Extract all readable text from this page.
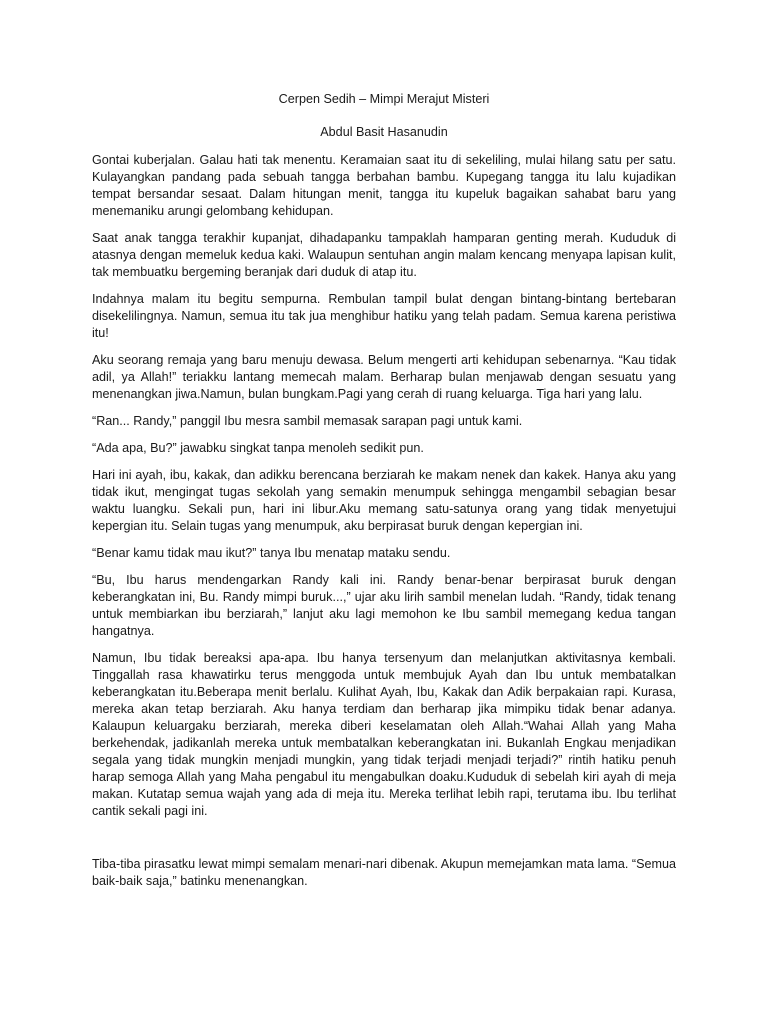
Cerpen Sedih – Mimpi Merajut Misteri

Abdul Basit Hasanudin

Gontai kuberjalan. Galau hati tak menentu. Keramaian saat itu di sekeliling, mulai hilang satu per satu. Kulayangkan pandang pada sebuah tangga berbahan bambu. Kupegang tangga itu lalu kujadikan tempat bersandar sesaat. Dalam hitungan menit, tangga itu kupeluk bagaikan sahabat baru yang menemaniku arungi gelombang kehidupan.

Saat anak tangga terakhir kupanjat, dihadapanku tampaklah hamparan genting merah. Kududuk di atasnya dengan memeluk kedua kaki. Walaupun sentuhan angin malam kencang menyapa lapisan kulit, tak membuatku bergeming beranjak dari duduk di atap itu.

Indahnya malam itu begitu sempurna. Rembulan tampil bulat dengan bintang-bintang bertebaran disekelilingnya. Namun, semua itu tak jua menghibur hatiku yang telah padam. Semua karena peristiwa itu!

Aku seorang remaja yang baru menuju dewasa. Belum mengerti arti kehidupan sebenarnya. “Kau tidak adil, ya Allah!” teriakku lantang memecah malam. Berharap bulan menjawab dengan sesuatu yang menenangkan jiwa.Namun, bulan bungkam.Pagi yang cerah di ruang keluarga. Tiga hari yang lalu.

“Ran... Randy,” panggil Ibu mesra sambil memasak sarapan pagi untuk kami.

“Ada apa, Bu?” jawabku singkat tanpa menoleh sedikit pun.

Hari ini ayah, ibu, kakak, dan adikku berencana berziarah ke makam nenek dan kakek. Hanya aku yang tidak ikut, mengingat tugas sekolah yang semakin menumpuk sehingga mengambil sebagian besar waktu luangku. Sekali pun, hari ini libur.Aku memang satu-satunya orang yang tidak menyetujui kepergian itu. Selain tugas yang menumpuk, aku berpirasat buruk dengan kepergian ini.

“Benar kamu tidak mau ikut?” tanya Ibu menatap mataku sendu.

“Bu, Ibu harus mendengarkan Randy kali ini. Randy benar-benar berpirasat buruk dengan keberangkatan ini, Bu. Randy mimpi buruk...,” ujar aku lirih sambil menelan ludah. “Randy, tidak tenang untuk membiarkan ibu berziarah,” lanjut aku lagi memohon ke Ibu sambil memegang kedua tangan hangatnya.

Namun, Ibu tidak bereaksi apa-apa. Ibu hanya tersenyum dan melanjutkan aktivitasnya kembali. Tinggallah rasa khawatirku terus menggoda untuk membujuk Ayah dan Ibu untuk membatalkan keberangkatan itu.Beberapa menit berlalu. Kulihat Ayah, Ibu, Kakak dan Adik berpakaian rapi. Kurasa, mereka akan tetap berziarah. Aku hanya terdiam dan berharap jika mimpiku tidak benar adanya. Kalaupun keluargaku berziarah, mereka diberi keselamatan oleh Allah.“Wahai Allah yang Maha berkehendak, jadikanlah mereka untuk membatalkan keberangkatan ini. Bukanlah Engkau menjadikan segala yang tidak mungkin menjadi mungkin, yang tidak terjadi menjadi terjadi?” rintih hatiku penuh harap semoga Allah yang Maha pengabul itu mengabulkan doaku.Kududuk di sebelah kiri ayah di meja makan. Kutatap semua wajah yang ada di meja itu. Mereka terlihat lebih rapi, terutama ibu. Ibu terlihat cantik sekali pagi ini.

Tiba-tiba pirasatku lewat mimpi semalam menari-nari dibenak. Akupun memejamkan mata lama. “Semua baik-baik saja,” batinku menenangkan.
